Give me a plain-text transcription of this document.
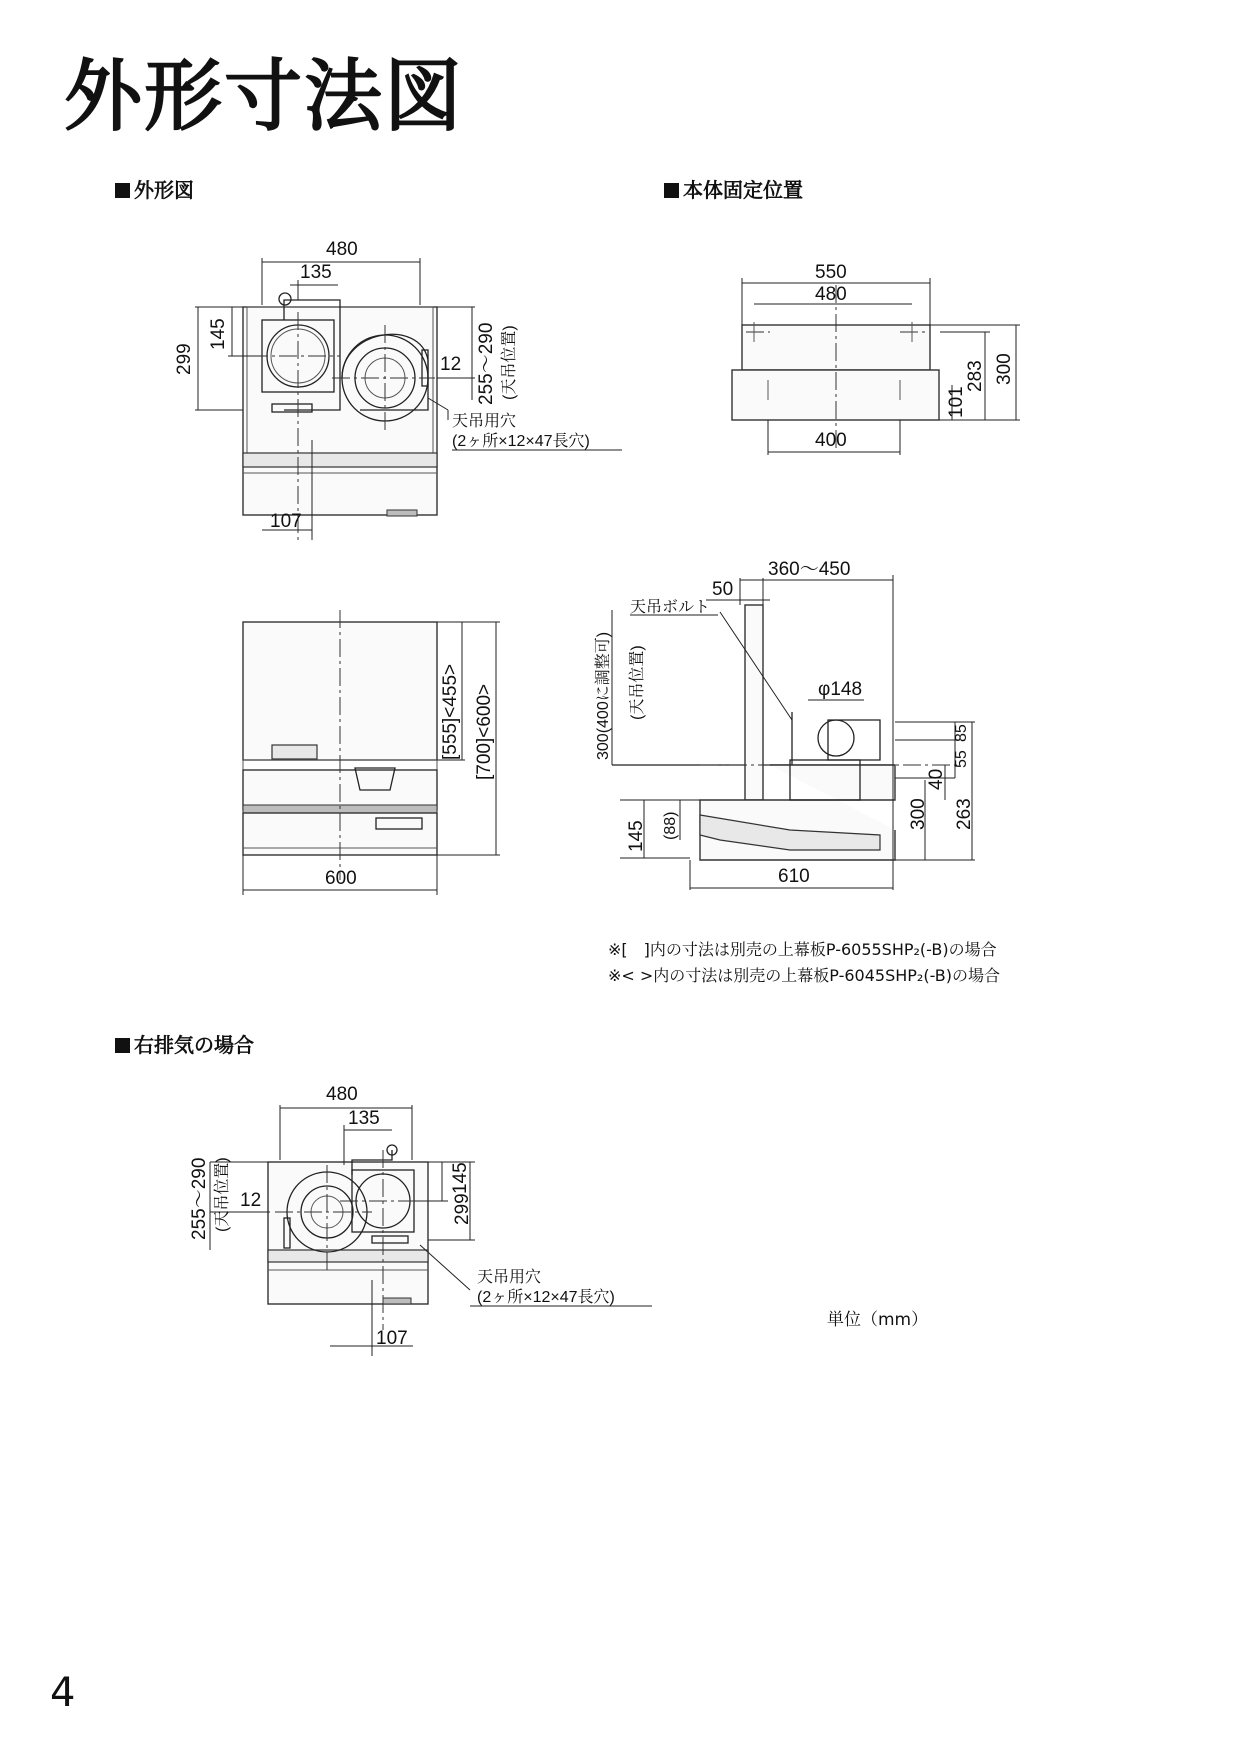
外形寸法図
外形図	本体固定位置
右排気の場合
480
135
299
145
12 255〜290 (天吊位置)
天吊用穴
(2ヶ所×12×47長穴)
107
550
480
400
101
283 300
[555]<455> [700]<600>
600
50
360〜450
天吊ボルト
φ148
300(400に調整可) (天吊位置)
55
85
40
300 263
145 (88)
610
480
135
145
299
255〜290 (天吊位置) 12
天吊用穴
(2ヶ所×12×47長穴)
107
※[　]内の寸法は別売の上幕板P-6055SHP₂(-B)の場合
※< >内の寸法は別売の上幕板P-6045SHP₂(-B)の場合
単位（mm）
4
